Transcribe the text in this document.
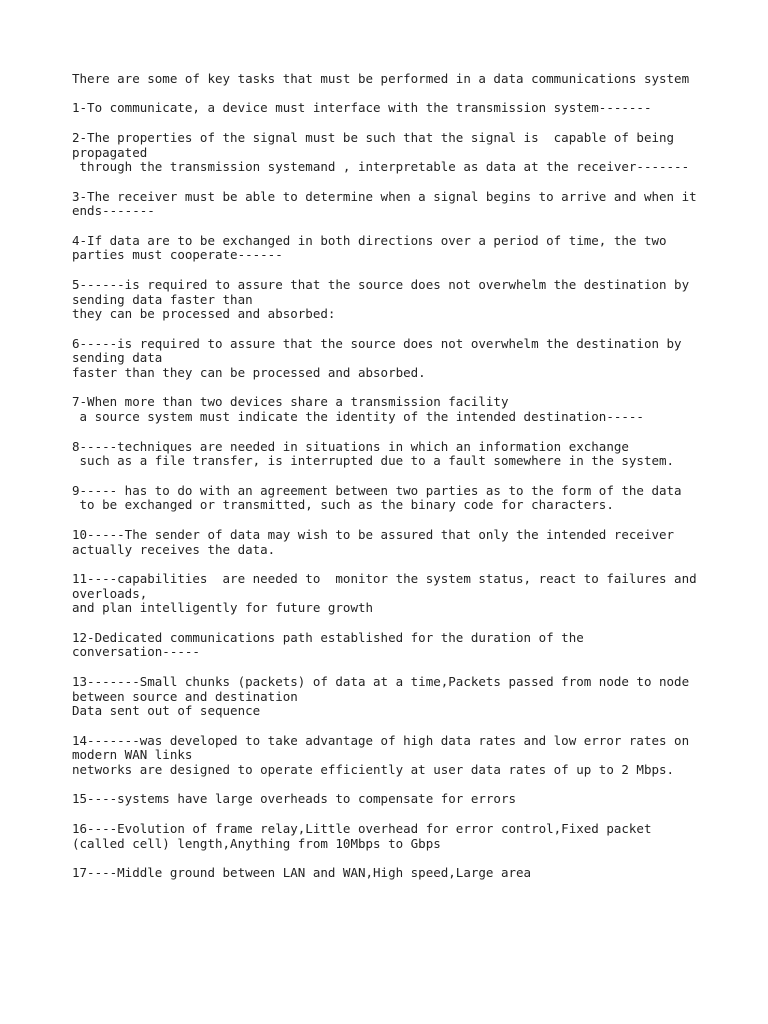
There are some of key tasks that must be performed in a data communications system

1-To communicate, a device must interface with the transmission system-------

2-The properties of the signal must be such that the signal is  capable of being
propagated
through the transmission systemand , interpretable as data at the receiver-------

3-The receiver must be able to determine when a signal begins to arrive and when it
ends-------

4-If data are to be exchanged in both directions over a period of time, the two
parties must cooperate------

5------is required to assure that the source does not overwhelm the destination by
sending data faster than
they can be processed and absorbed:

6-----is required to assure that the source does not overwhelm the destination by
sending data
faster than they can be processed and absorbed.

7-When more than two devices share a transmission facility
a source system must indicate the identity of the intended destination-----

8-----techniques are needed in situations in which an information exchange
such as a file transfer, is interrupted due to a fault somewhere in the system.

9----- has to do with an agreement between two parties as to the form of the data
to be exchanged or transmitted, such as the binary code for characters.

10-----The sender of data may wish to be assured that only the intended receiver
actually receives the data.

11----capabilities  are needed to  monitor the system status, react to failures and
overloads,
and plan intelligently for future growth

12-Dedicated communications path established for the duration of the
conversation-----

13-------Small chunks (packets) of data at a time,Packets passed from node to node
between source and destination
Data sent out of sequence

14-------was developed to take advantage of high data rates and low error rates on
modern WAN links
networks are designed to operate efficiently at user data rates of up to 2 Mbps.

15----systems have large overheads to compensate for errors

16----Evolution of frame relay,Little overhead for error control,Fixed packet
(called cell) length,Anything from 10Mbps to Gbps

17----Middle ground between LAN and WAN,High speed,Large area
